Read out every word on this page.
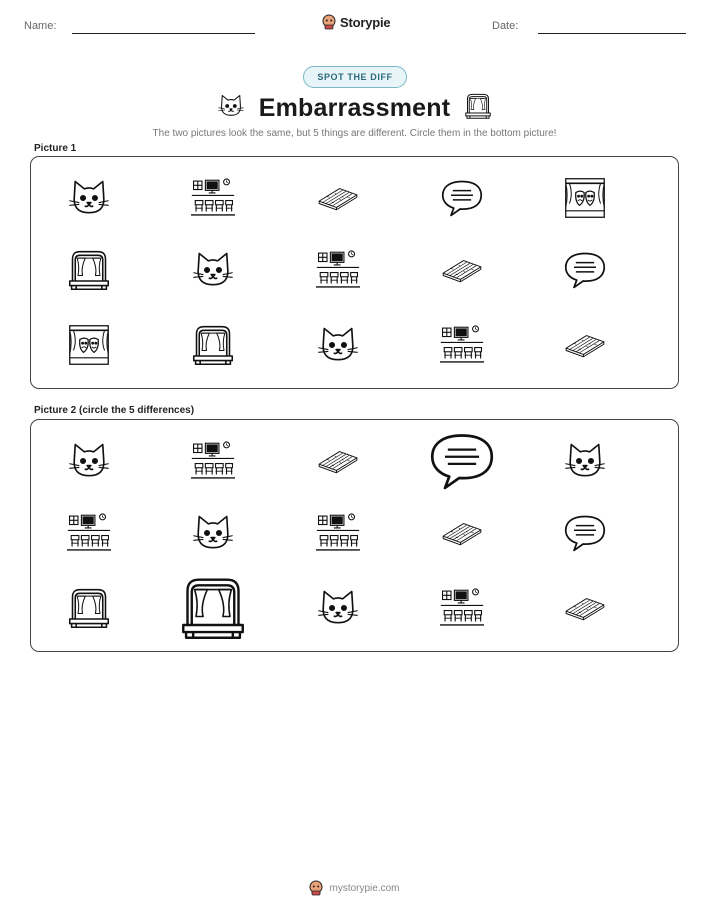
Name:	Storypie	Date:
SPOT THE DIFF
Embarrassment
The two pictures look the same, but 5 things are different. Circle them in the bottom picture!
Picture 1
Picture 2 (circle the 5 differences)
mystorypie.com
